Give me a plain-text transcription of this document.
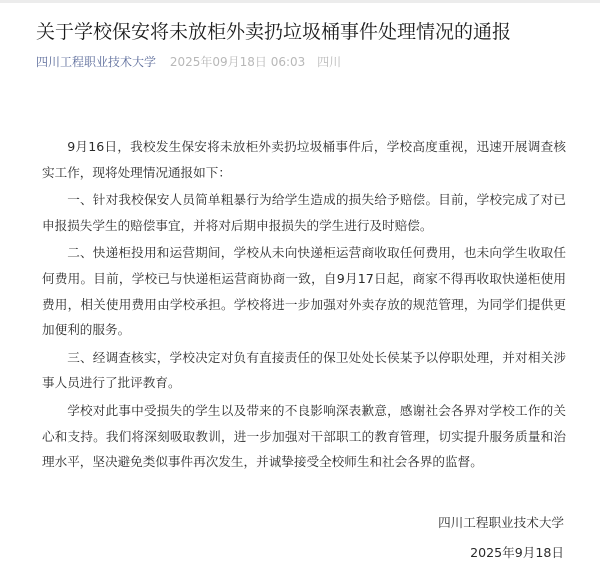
关于学校保安将未放柜外卖扔垃圾桶事件处理情况的通报
四川工程职业技术大学 2025年09月18日 06:03 四川

9月16日，我校发生保安将未放柜外卖扔垃圾桶事件后，学校高度重视，迅速开展调查核实工作，现将处理情况通报如下：

一、针对我校保安人员简单粗暴行为给学生造成的损失给予赔偿。目前，学校完成了对已申报损失学生的赔偿事宜，并将对后期申报损失的学生进行及时赔偿。

二、快递柜投用和运营期间，学校从未向快递柜运营商收取任何费用，也未向学生收取任何费用。目前，学校已与快递柜运营商协商一致，自9月17日起，商家不得再收取快递柜使用费用，相关使用费用由学校承担。学校将进一步加强对外卖存放的规范管理，为同学们提供更加便利的服务。

三、经调查核实，学校决定对负有直接责任的保卫处处长侯某予以停职处理，并对相关涉事人员进行了批评教育。

学校对此事中受损失的学生以及带来的不良影响深表歉意，感谢社会各界对学校工作的关心和支持。我们将深刻吸取教训，进一步加强对干部职工的教育管理，切实提升服务质量和治理水平，坚决避免类似事件再次发生，并诚挚接受全校师生和社会各界的监督。

四川工程职业技术大学
2025年9月18日
